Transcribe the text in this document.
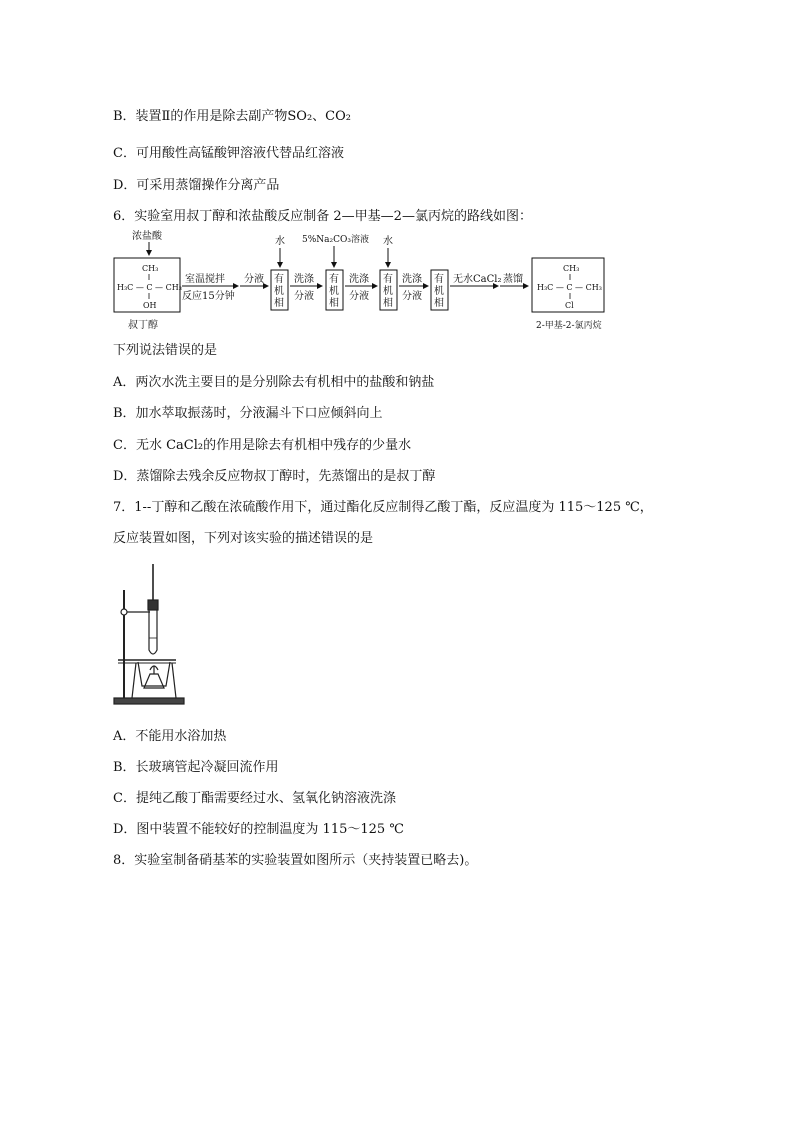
B．装置Ⅱ的作用是除去副产物SO₂、CO₂
C．可用酸性高锰酸钾溶液代替品红溶液
D．可采用蒸馏操作分离产品
6．实验室用叔丁醇和浓盐酸反应制备 2—甲基—2—氯丙烷的路线如图：
浓盐酸
CH₃
H₃C — C — CH₃
OH
叔丁醇
室温搅拌
反应15分钟
分液 有
机
相
水
洗涤
分液
有
机
相
5%Na₂CO₃溶液
洗涤
分液
有
机
相
水
洗涤
分液
有
机
相
无水CaCl₂ 蒸馏
CH₃
H₃C — C — CH₃
Cl
2-甲基-2-氯丙烷
下列说法错误的是
A．两次水洗主要目的是分别除去有机相中的盐酸和钠盐
B．加水萃取振荡时，分液漏斗下口应倾斜向上
C．无水 CaCl₂的作用是除去有机相中残存的少量水
D．蒸馏除去残余反应物叔丁醇时，先蒸馏出的是叔丁醇
7．1-‐丁醇和乙酸在浓硫酸作用下，通过酯化反应制得乙酸丁酯，反应温度为 115～125 ℃，
反应装置如图，下列对该实验的描述错误的是
A．不能用水浴加热
B．长玻璃管起冷凝回流作用
C．提纯乙酸丁酯需要经过水、氢氧化钠溶液洗涤
D．图中装置不能较好的控制温度为 115～125 ℃
8．实验室制备硝基苯的实验装置如图所示（夹持装置已略去)。
